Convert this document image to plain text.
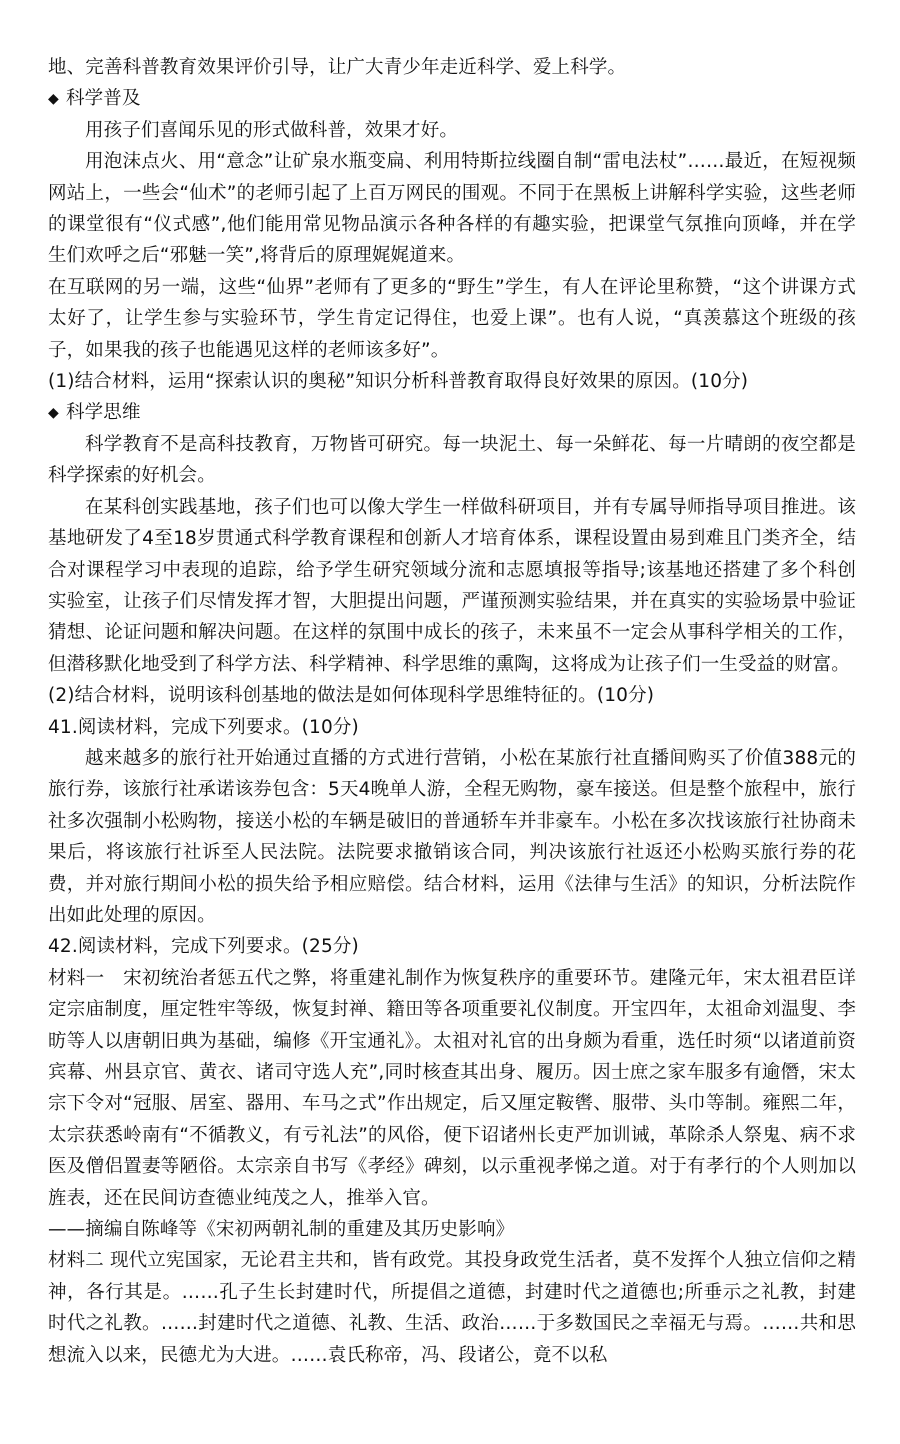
地、完善科普教育效果评价引导，让广大青少年走近科学、爱上科学。

◆ 科学普及

用孩子们喜闻乐见的形式做科普，效果才好。

用泡沫点火、用“意念”让矿泉水瓶变扁、利用特斯拉线圈自制“雷电法杖”……最近，在短视频网站上，一些会“仙术”的老师引起了上百万网民的围观。不同于在黑板上讲解科学实验，这些老师的课堂很有“仪式感”,他们能用常见物品演示各种各样的有趣实验，把课堂气氛推向顶峰，并在学生们欢呼之后“邪魅一笑”,将背后的原理娓娓道来。

在互联网的另一端，这些“仙界”老师有了更多的“野生”学生，有人在评论里称赞，“这个讲课方式太好了，让学生参与实验环节，学生肯定记得住，也爱上课”。也有人说，“真羡慕这个班级的孩子，如果我的孩子也能遇见这样的老师该多好”。

(1)结合材料，运用“探索认识的奥秘”知识分析科普教育取得良好效果的原因。(10分)

◆ 科学思维

科学教育不是高科技教育，万物皆可研究。每一块泥土、每一朵鲜花、每一片晴朗的夜空都是科学探索的好机会。

在某科创实践基地，孩子们也可以像大学生一样做科研项目，并有专属导师指导项目推进。该基地研发了4至18岁贯通式科学教育课程和创新人才培育体系，课程设置由易到难且门类齐全，结合对课程学习中表现的追踪，给予学生研究领域分流和志愿填报等指导;该基地还搭建了多个科创实验室，让孩子们尽情发挥才智，大胆提出问题，严谨预测实验结果，并在真实的实验场景中验证猜想、论证问题和解决问题。在这样的氛围中成长的孩子，未来虽不一定会从事科学相关的工作，但潜移默化地受到了科学方法、科学精神、科学思维的熏陶，这将成为让孩子们一生受益的财富。

(2)结合材料，说明该科创基地的做法是如何体现科学思维特征的。(10分)

41.阅读材料，完成下列要求。(10分)

越来越多的旅行社开始通过直播的方式进行营销，小松在某旅行社直播间购买了价值388元的旅行券，该旅行社承诺该券包含：5天4晚单人游，全程无购物，豪车接送。但是整个旅程中，旅行社多次强制小松购物，接送小松的车辆是破旧的普通轿车并非豪车。小松在多次找该旅行社协商未果后，将该旅行社诉至人民法院。法院要求撤销该合同，判决该旅行社返还小松购买旅行券的花费，并对旅行期间小松的损失给予相应赔偿。结合材料，运用《法律与生活》的知识，分析法院作出如此处理的原因。

42.阅读材料，完成下列要求。(25分)

材料一　宋初统治者惩五代之弊，将重建礼制作为恢复秩序的重要环节。建隆元年，宋太祖君臣详定宗庙制度，厘定牲牢等级，恢复封禅、籍田等各项重要礼仪制度。开宝四年，太祖命刘温叟、李昉等人以唐朝旧典为基础，编修《开宝通礼》。太祖对礼官的出身颇为看重，选任时须“以诸道前资宾幕、州县京官、黄衣、诸司守选人充”,同时核查其出身、履历。因士庶之家车服多有逾僭，宋太宗下令对“冠服、居室、器用、车马之式”作出规定，后又厘定鞍辔、服带、头巾等制。雍熙二年，太宗获悉岭南有“不循教义，有亏礼法”的风俗，便下诏诸州长吏严加训诫，革除杀人祭鬼、病不求医及僧侣置妻等陋俗。太宗亲自书写《孝经》碑刻，以示重视孝悌之道。对于有孝行的个人则加以旌表，还在民间访查德业纯茂之人，推举入官。

——摘编自陈峰等《宋初两朝礼制的重建及其历史影响》

材料二 现代立宪国家，无论君主共和，皆有政党。其投身政党生活者，莫不发挥个人独立信仰之精神，各行其是。……孔子生长封建时代，所提倡之道德，封建时代之道德也;所垂示之礼教，封建时代之礼教。……封建时代之道德、礼教、生活、政治……于多数国民之幸福无与焉。……共和思想流入以来，民德尤为大进。……袁氏称帝，冯、段诸公，竟不以私
